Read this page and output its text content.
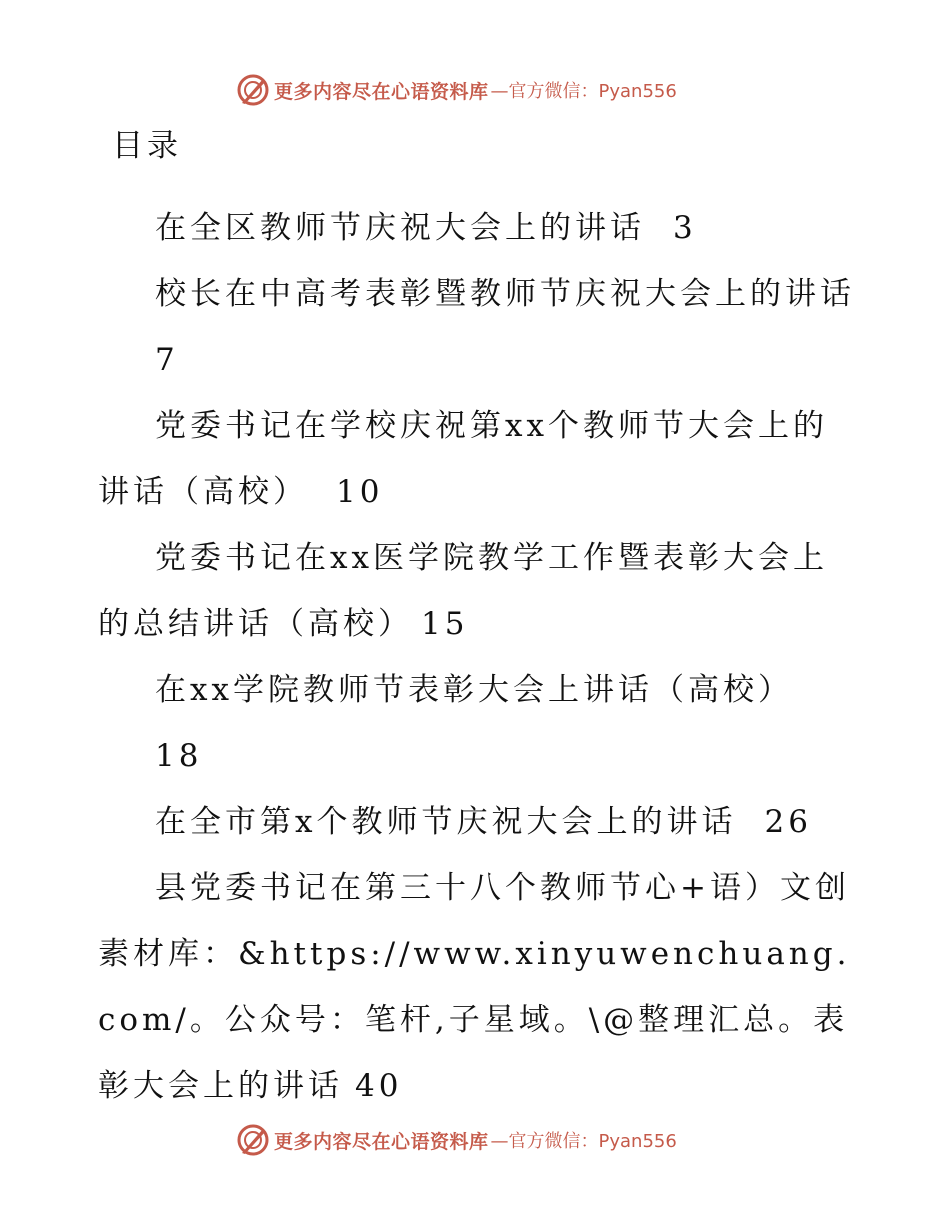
更多内容尽在心语资料库 —官方微信：Pyan556
目录
在全区教师节庆祝大会上的讲话 3
校长在中高考表彰暨教师节庆祝大会上的讲话
7
党委书记在学校庆祝第xx个教师节大会上的讲话（高校） 10
党委书记在xx医学院教学工作暨表彰大会上的总结讲话（高校） 15
在xx学院教师节表彰大会上讲话（高校）
18
在全市第x个教师节庆祝大会上的讲话 26
县党委书记在第三十八个教师节心+语）文创素材库：&https://www.xinyuwenchuang.com/。公众号：笔杆,子星域。\@整理汇总。表彰大会上的讲话 40
更多内容尽在心语资料库 —官方微信：Pyan556
